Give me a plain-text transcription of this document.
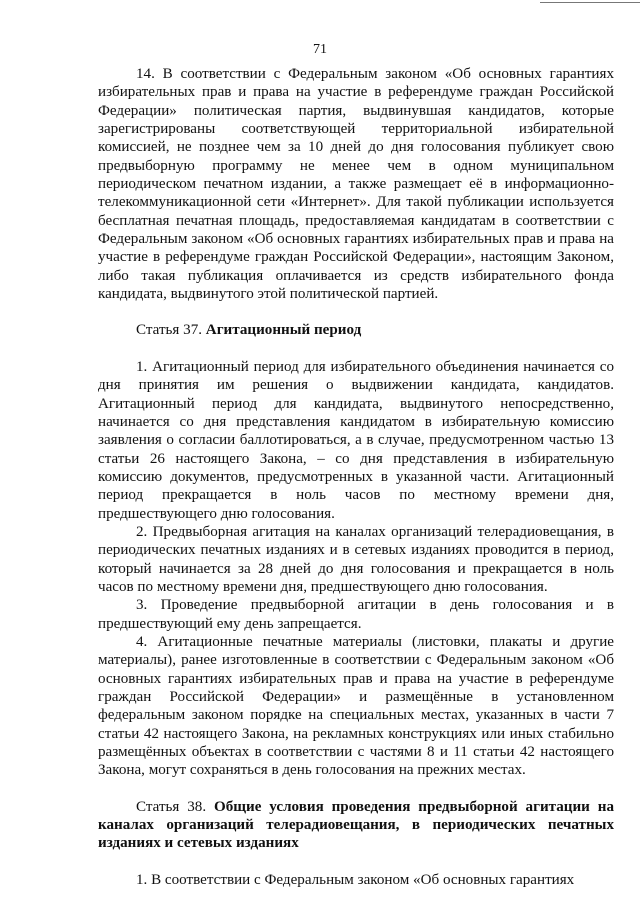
71

14. В соответствии с Федеральным законом «Об основных гарантиях избирательных прав и права на участие в референдуме граждан Российской Федерации» политическая партия, выдвинувшая кандидатов, которые зарегистрированы соответствующей территориальной избирательной комиссией, не позднее чем за 10 дней до дня голосования публикует свою предвыборную программу не менее чем в одном муниципальном периодическом печатном издании, а также размещает её в информационно-телекоммуникационной сети «Интернет». Для такой публикации используется бесплатная печатная площадь, предоставляемая кандидатам в соответствии с Федеральным законом «Об основных гарантиях избирательных прав и права на участие в референдуме граждан Российской Федерации», настоящим Законом, либо такая публикация оплачивается из средств избирательного фонда кандидата, выдвинутого этой политической партией.

Статья 37. Агитационный период

1. Агитационный период для избирательного объединения начинается со дня принятия им решения о выдвижении кандидата, кандидатов. Агитационный период для кандидата, выдвинутого непосредственно, начинается со дня представления кандидатом в избирательную комиссию заявления о согласии баллотироваться, а в случае, предусмотренном частью 13 статьи 26 настоящего Закона, – со дня представления в избирательную комиссию документов, предусмотренных в указанной части. Агитационный период прекращается в ноль часов по местному времени дня, предшествующего дню голосования.

2. Предвыборная агитация на каналах организаций телерадиовещания, в периодических печатных изданиях и в сетевых изданиях проводится в период, который начинается за 28 дней до дня голосования и прекращается в ноль часов по местному времени дня, предшествующего дню голосования.

3. Проведение предвыборной агитации в день голосования и в предшествующий ему день запрещается.

4. Агитационные печатные материалы (листовки, плакаты и другие материалы), ранее изготовленные в соответствии с Федеральным законом «Об основных гарантиях избирательных прав и права на участие в референдуме граждан Российской Федерации» и размещённые в установленном федеральным законом порядке на специальных местах, указанных в части 7 статьи 42 настоящего Закона, на рекламных конструкциях или иных стабильно размещённых объектах в соответствии с частями 8 и 11 статьи 42 настоящего Закона, могут сохраняться в день голосования на прежних местах.

Статья 38. Общие условия проведения предвыборной агитации на каналах организаций телерадиовещания, в периодических печатных изданиях и сетевых изданиях

1. В соответствии с Федеральным законом «Об основных гарантиях
